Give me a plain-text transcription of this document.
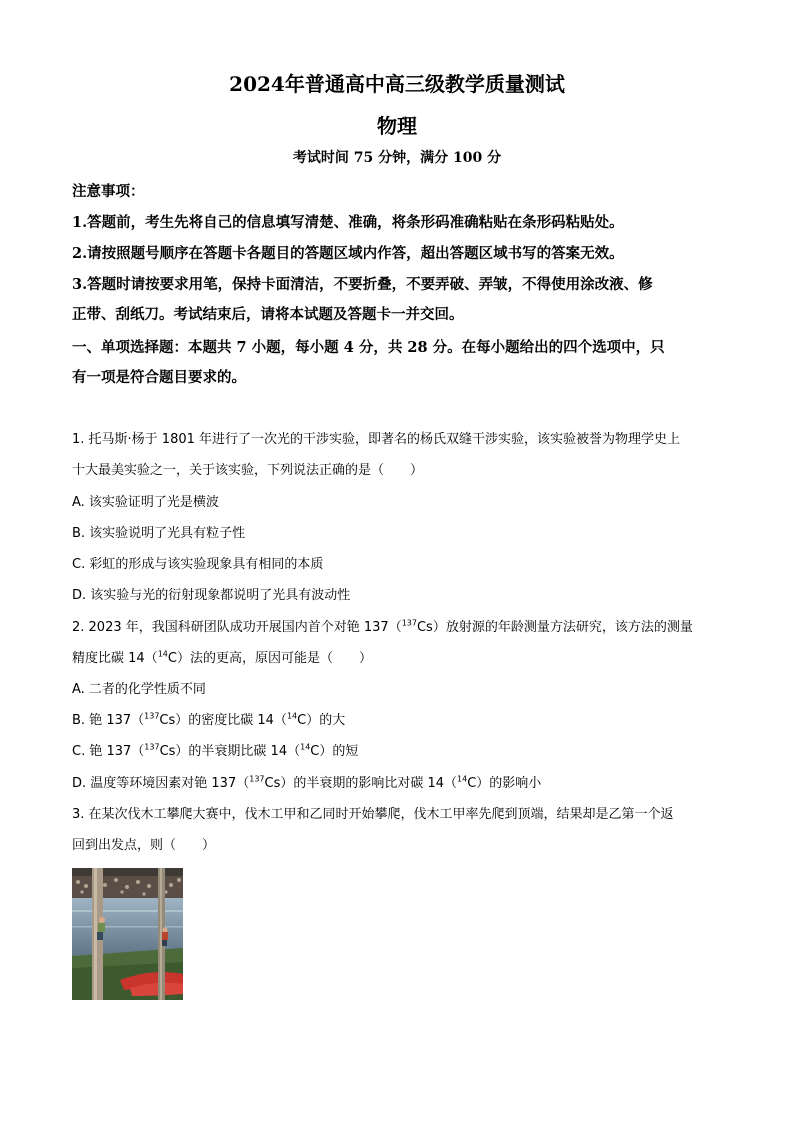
2024年普通高中高三级教学质量测试
物理
考试时间 75 分钟，满分 100 分
注意事项：
1.答题前，考生先将自己的信息填写清楚、准确，将条形码准确粘贴在条形码粘贴处。
2.请按照题号顺序在答题卡各题目的答题区域内作答，超出答题区域书写的答案无效。
3.答题时请按要求用笔，保持卡面清洁，不要折叠，不要弄破、弄皱，不得使用涂改液、修
正带、刮纸刀。考试结束后，请将本试题及答题卡一并交回。
一、单项选择题：本题共 7 小题，每小题 4 分，共 28 分。在每小题给出的四个选项中，只
有一项是符合题目要求的。
1. 托马斯·杨于 1801 年进行了一次光的干涉实验，即著名的杨氏双缝干涉实验，该实验被誉为物理学史上
十大最美实验之一，关于该实验，下列说法正确的是（　　）
A. 该实验证明了光是横波
B. 该实验说明了光具有粒子性
C. 彩虹的形成与该实验现象具有相同的本质
D. 该实验与光的衍射现象都说明了光具有波动性
2. 2023 年，我国科研团队成功开展国内首个对铯 137（$^{137}$Cs）放射源的年龄测量方法研究，该方法的测量
精度比碳 14（$^{14}$C）法的更高，原因可能是（　　）
A. 二者的化学性质不同
B. 铯 137（$^{137}$Cs）的密度比碳 14（$^{14}$C）的大
C. 铯 137（$^{137}$Cs）的半衰期比碳 14（$^{14}$C）的短
D. 温度等环境因素对铯 137（$^{137}$Cs）的半衰期的影响比对碳 14（$^{14}$C）的影响小
3. 在某次伐木工攀爬大赛中，伐木工甲和乙同时开始攀爬，伐木工甲率先爬到顶端，结果却是乙第一个返
回到出发点，则（　　）
